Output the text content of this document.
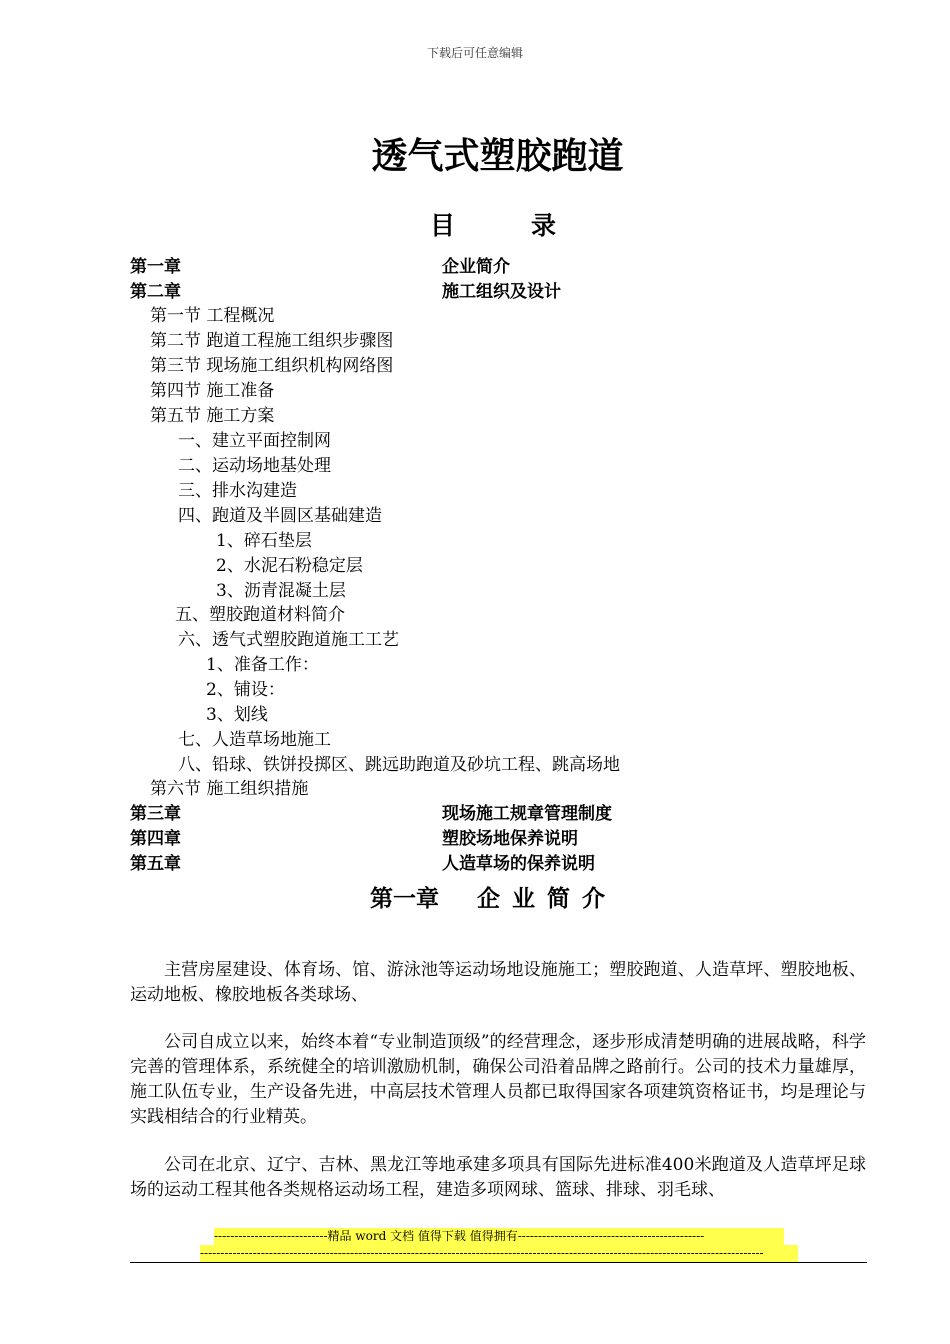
下载后可任意编辑
透气式塑胶跑道
目	录
第一章	企业简介
第二章	施工组织及设计
第一节 工程概况
第二节 跑道工程施工组织步骤图
第三节 现场施工组织机构网络图
第四节 施工准备
第五节 施工方案
一、建立平面控制网
二、运动场地基处理
三、排水沟建造
四、跑道及半圆区基础建造
1、碎石垫层
2、水泥石粉稳定层
3、沥青混凝土层
五、塑胶跑道材料简介
六、透气式塑胶跑道施工工艺
1、准备工作：
2、铺设：
3、划线
七、人造草场地施工
八、铅球、铁饼投掷区、跳远助跑道及砂坑工程、跳高场地
第六节 施工组织措施
第三章	现场施工规章管理制度
第四章	塑胶场地保养说明
第五章	人造草场的保养说明
第一章 企业简介
主营房屋建设、体育场、馆、游泳池等运动场地设施施工；塑胶跑道、人造草坪、塑胶地板、运动地板、橡胶地板各类球场、
公司自成立以来，始终本着“专业制造顶级”的经营理念，逐步形成清楚明确的进展战略，科学完善的管理体系，系统健全的培训激励机制，确保公司沿着品牌之路前行。公司的技术力量雄厚，施工队伍专业，生产设备先进，中高层技术管理人员都已取得国家各项建筑资格证书，均是理论与实践相结合的行业精英。
公司在北京、辽宁、吉林、黑龙江等地承建多项具有国际先进标准400米跑道及人造草坪足球场的运动工程其他各类规格运动场工程，建造多项网球、篮球、排球、羽毛球、
----------------------------精品 word 文档 值得下载 值得拥有----------------------------------------------
-------------------------------------------------------------------------------------------------------------------------------------------
